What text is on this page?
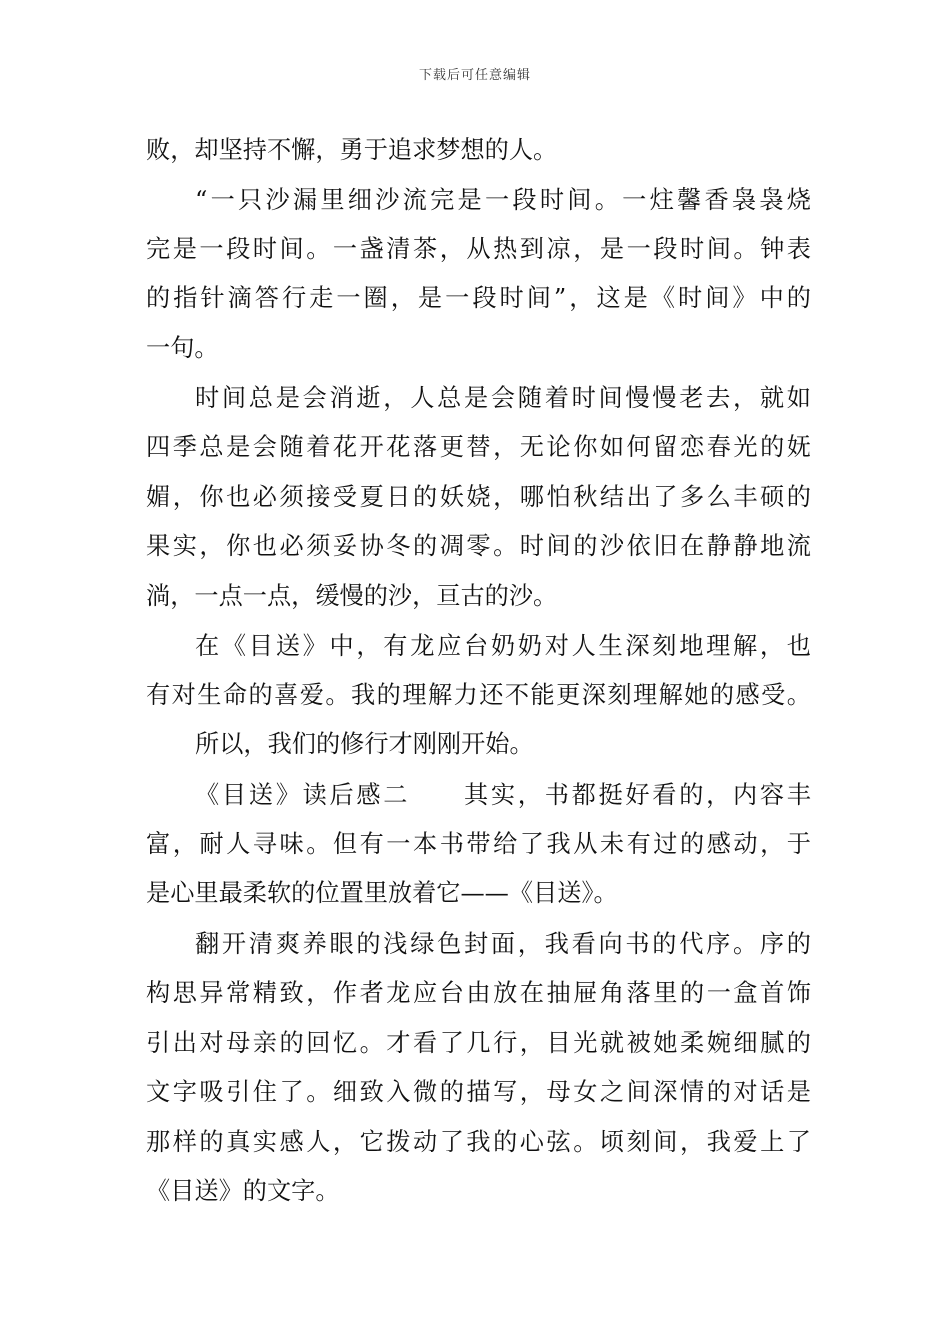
下载后可任意编辑
败，却坚持不懈，勇于追求梦想的人。
“一只沙漏里细沙流完是一段时间。一炷馨香袅袅烧
完是一段时间。一盏清茶，从热到凉，是一段时间。钟表
的指针滴答行走一圈，是一段时间”，这是《时间》中的
一句。
时间总是会消逝，人总是会随着时间慢慢老去，就如
四季总是会随着花开花落更替，无论你如何留恋春光的妩
媚，你也必须接受夏日的妖娆，哪怕秋结出了多么丰硕的
果实，你也必须妥协冬的凋零。时间的沙依旧在静静地流
淌，一点一点，缓慢的沙，亘古的沙。
在《目送》中，有龙应台奶奶对人生深刻地理解，也
有对生命的喜爱。我的理解力还不能更深刻理解她的感受。
所以，我们的修行才刚刚开始。
《目送》读后感二　　其实，书都挺好看的，内容丰
富，耐人寻味。但有一本书带给了我从未有过的感动，于
是心里最柔软的位置里放着它——《目送》。
翻开清爽养眼的浅绿色封面，我看向书的代序。序的
构思异常精致，作者龙应台由放在抽屉角落里的一盒首饰
引出对母亲的回忆。才看了几行，目光就被她柔婉细腻的
文字吸引住了。细致入微的描写，母女之间深情的对话是
那样的真实感人，它拨动了我的心弦。顷刻间，我爱上了
《目送》的文字。
